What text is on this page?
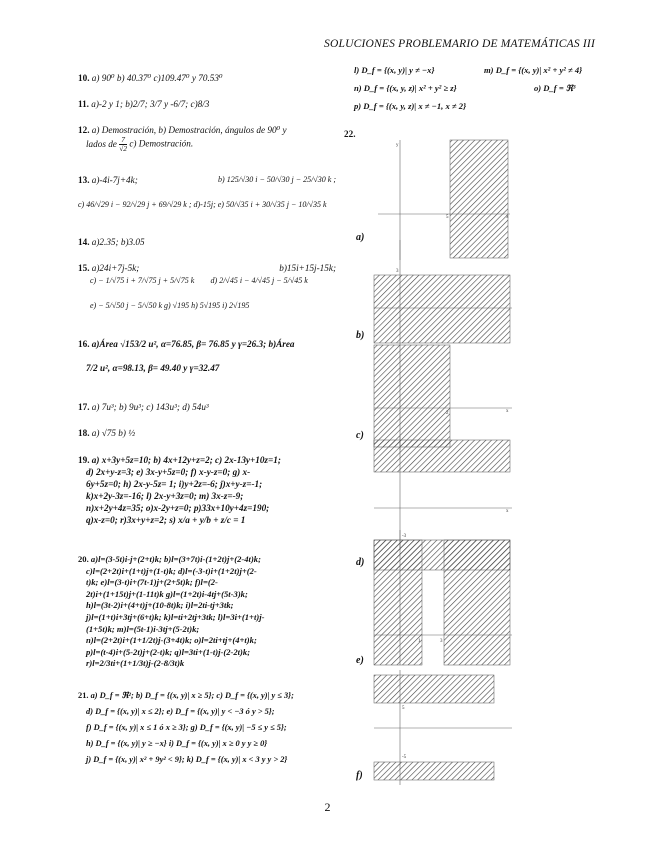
SOLUCIONES PROBLEMARIO DE MATEMÁTICAS III
10. a) 90⁰ b) 40.37⁰ c)109.47⁰ y 70.53⁰
11. a)-2 y 1; b)2/7; 3/7 y -6/7; c)8/3
12. a) Demostración, b) Demostración, ángulos de 90⁰ y
lados de $\frac{7}{√2} c$) Demostración.
13. a)-4i-7j+4k;	b) 125/√30 i − 50/√30 j − 25/√30 k ;

c) 46/√29 i − 92/√29 j + 69/√29 k ; d)-15j; e) 50/√35 i + 30/√35 j − 10/√35 k
14. a)2.35; b)3.05
15. a)24i+7j-5k;	b)15i+15j-15k;

c) − 1/√75 i + 7/√75 j + 5/√75 k d) 2/√45 i − 4/√45 j − 5/√45 k

e) − 5/√50 j − 5/√50 k g) √195 h) 5√195 i) 2√195
16. a)Área √153/2 u², α=76.85, β= 76.85 y γ=26.3; b)Área

7/2 u², α=98.13, β= 49.40 y γ=32.47
17. a) 7u³; b) 9u³; c) 143u³; d) 54u³
18. a) √75 b) ½
19. a) x+3y+5z=10; b) 4x+12y+z=2; c) 2x-13y+10z=1;
d) 2x+y-z=3; e) 3x-y+5z=0; f) x-y-z=0; g) x-
6y+5z=0; h) 2x-y-5z= 1; i)y+2z=-6; j)x+y-z=-1;
k)x+2y-3z=-16; l) 2x-y+3z=0; m) 3x-z=-9;
n)x+2y+4z=35; o)x-2y+z=0; p)33x+10y+4z=190;
q)x-z=0; r)3x+y+z=2; s) x/a + y/b + z/c = 1
20. a)l=(3-5t)i-j+(2+t)k; b)l=(3+7t)i-(1+2t)j+(2-4t)k;
c)l=(2+2t)i+(1+t)j+(1-t)k; d)l=(-3-t)i+(1+2t)j+(2-
t)k; e)l=(3-t)i+(7t-1)j+(2+5t)k; f)l=(2-
2t)i+(1+15t)j+(1-11t)k g)l=(1+2t)i-4tj+(5t-3)k;
h)l=(3t-2)i+(4+t)j+(10-8t)k; i)l=2ti-tj+3tk;
j)l=(1+t)i+3tj+(6+t)k; k)l=ti+2tj+3tk; l)l=3i+(1+t)j-
(1+5t)k; m)l=(5t-1)i-3tj+(5-2t)k;
n)l=(2+2t)i+(1+1/2t)j-(3+4t)k; o)l=2ti+tj+(4+t)k;
p)l=(t-4)i+(5-2t)j+(2-t)k; q)l=3ti+(1-t)j-(2-2t)k;
r)l=2/3ti+(1+1/3t)j-(2-8/3t)k
21. a) D_f = ℜ²; b) D_f = {(x, y)| x ≥ 5}; c) D_f = {(x, y)| y ≤ 3};
d) D_f = {(x, y)| x ≤ 2}; e) D_f = {(x, y)| y < −3 ó y > 5};
f) D_f = {(x, y)| x ≤ 1 ó x ≥ 3}; g) D_f = {(x, y)| −5 ≤ y ≤ 5};
h) D_f = {(x, y)| y ≥ −x} i) D_f = {(x, y)| x ≥ 0 y y ≥ 0}
j) D_f = {(x, y)| x² + 9y² < 9}; k) D_f = {(x, y)| x < 3 y y > 2}
l) D_f = {(x, y)| y ≠ −x}	m) D_f = {(x, y)| x² + y² ≠ 4}
n) D_f = {(x, y, z)| x² + y² ≥ z}	o) D_f = ℜ³
p) D_f = {(x, y, z)| x ≠ −1, x ≠ 2}
22.
a)
b)
c)
d)
e)
f)
5
y
x
3
2	x
x
-3
1	3
5
-5
2
